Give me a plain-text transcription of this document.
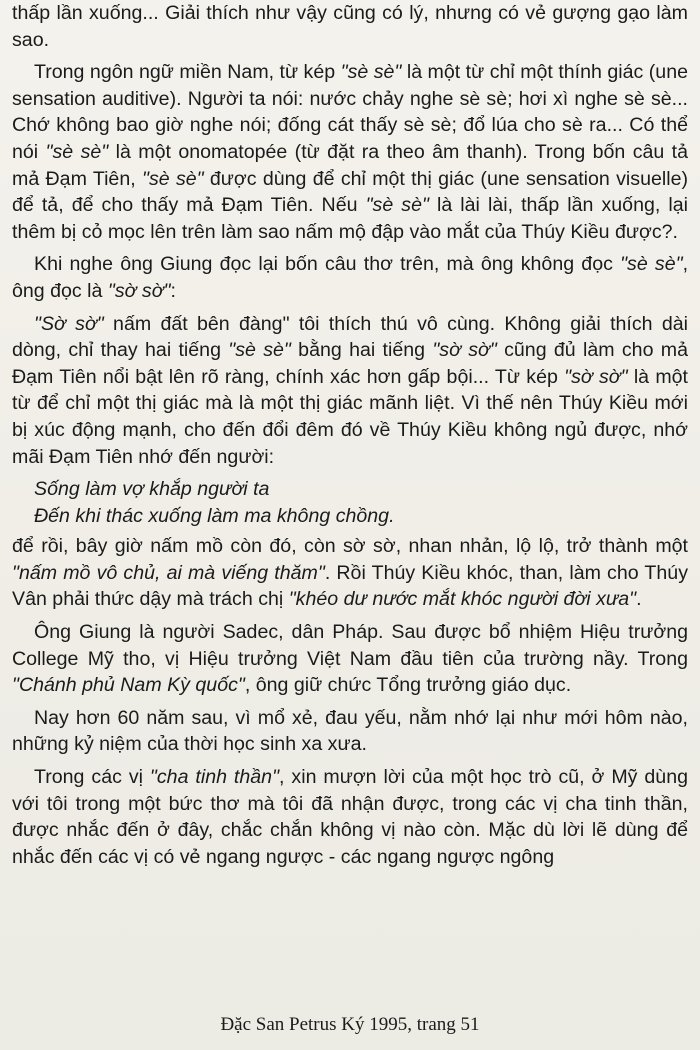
thấp lần xuống... Giải thích như vậy cũng có lý, nhưng có vẻ gượng gạo làm sao.

Trong ngôn ngữ miền Nam, từ kép "sè sè" là một từ chỉ một thính giác (une sensation auditive). Người ta nói: nước chảy nghe sè sè; hơi xì nghe sè sè... Chớ không bao giờ nghe nói; đống cát thấy sè sè; đổ lúa cho sè ra... Có thể nói "sè sè" là một onomatopée (từ đặt ra theo âm thanh). Trong bốn câu tả mả Đạm Tiên, "sè sè" được dùng để chỉ một thị giác (une sensation visuelle) để tả, để cho thấy mả Đạm Tiên. Nếu "sè sè" là lài lài, thấp lần xuống, lại thêm bị cỏ mọc lên trên làm sao nấm mộ đập vào mắt của Thúy Kiều được?.

Khi nghe ông Giung đọc lại bốn câu thơ trên, mà ông không đọc "sè sè", ông đọc là "sờ sờ":

"Sờ sờ" nấm đất bên đàng" tôi thích thú vô cùng. Không giải thích dài dòng, chỉ thay hai tiếng "sè sè" bằng hai tiếng "sờ sờ" cũng đủ làm cho mả Đạm Tiên nổi bật lên rõ ràng, chính xác hơn gấp bội... Từ kép "sờ sờ" là một từ để chỉ một thị giác mà là một thị giác mãnh liệt. Vì thế nên Thúy Kiều mới bị xúc động mạnh, cho đến đổi đêm đó về Thúy Kiều không ngủ được, nhớ mãi Đạm Tiên nhớ đến người:

Sống làm vợ khắp người ta

Đến khi thác xuống làm ma không chồng.

để rồi, bây giờ nấm mồ còn đó, còn sờ sờ, nhan nhản, lộ lộ, trở thành một "nấm mồ vô chủ, ai mà viếng thăm". Rồi Thúy Kiều khóc, than, làm cho Thúy Vân phải thức dậy mà trách chị "khéo dư nước mắt khóc người đời xưa".

Ông Giung là người Sadec, dân Pháp. Sau được bổ nhiệm Hiệu trưởng College Mỹ tho, vị Hiệu trưởng Việt Nam đầu tiên của trường nầy. Trong "Chánh phủ Nam Kỳ quốc", ông giữ chức Tổng trưởng giáo dục.

Nay hơn 60 năm sau, vì mổ xẻ, đau yếu, nằm nhớ lại như mới hôm nào, những kỷ niệm của thời học sinh xa xưa.

Trong các vị "cha tinh thần", xin mượn lời của một học trò cũ, ở Mỹ dùng với tôi trong một bức thơ mà tôi đã nhận được, trong các vị cha tinh thần, được nhắc đến ở đây, chắc chắn không vị nào còn. Mặc dù lời lẽ dùng để nhắc đến các vị có vẻ ngang ngược - các ngang ngược ngông

Đặc San Petrus Ký 1995, trang 51
